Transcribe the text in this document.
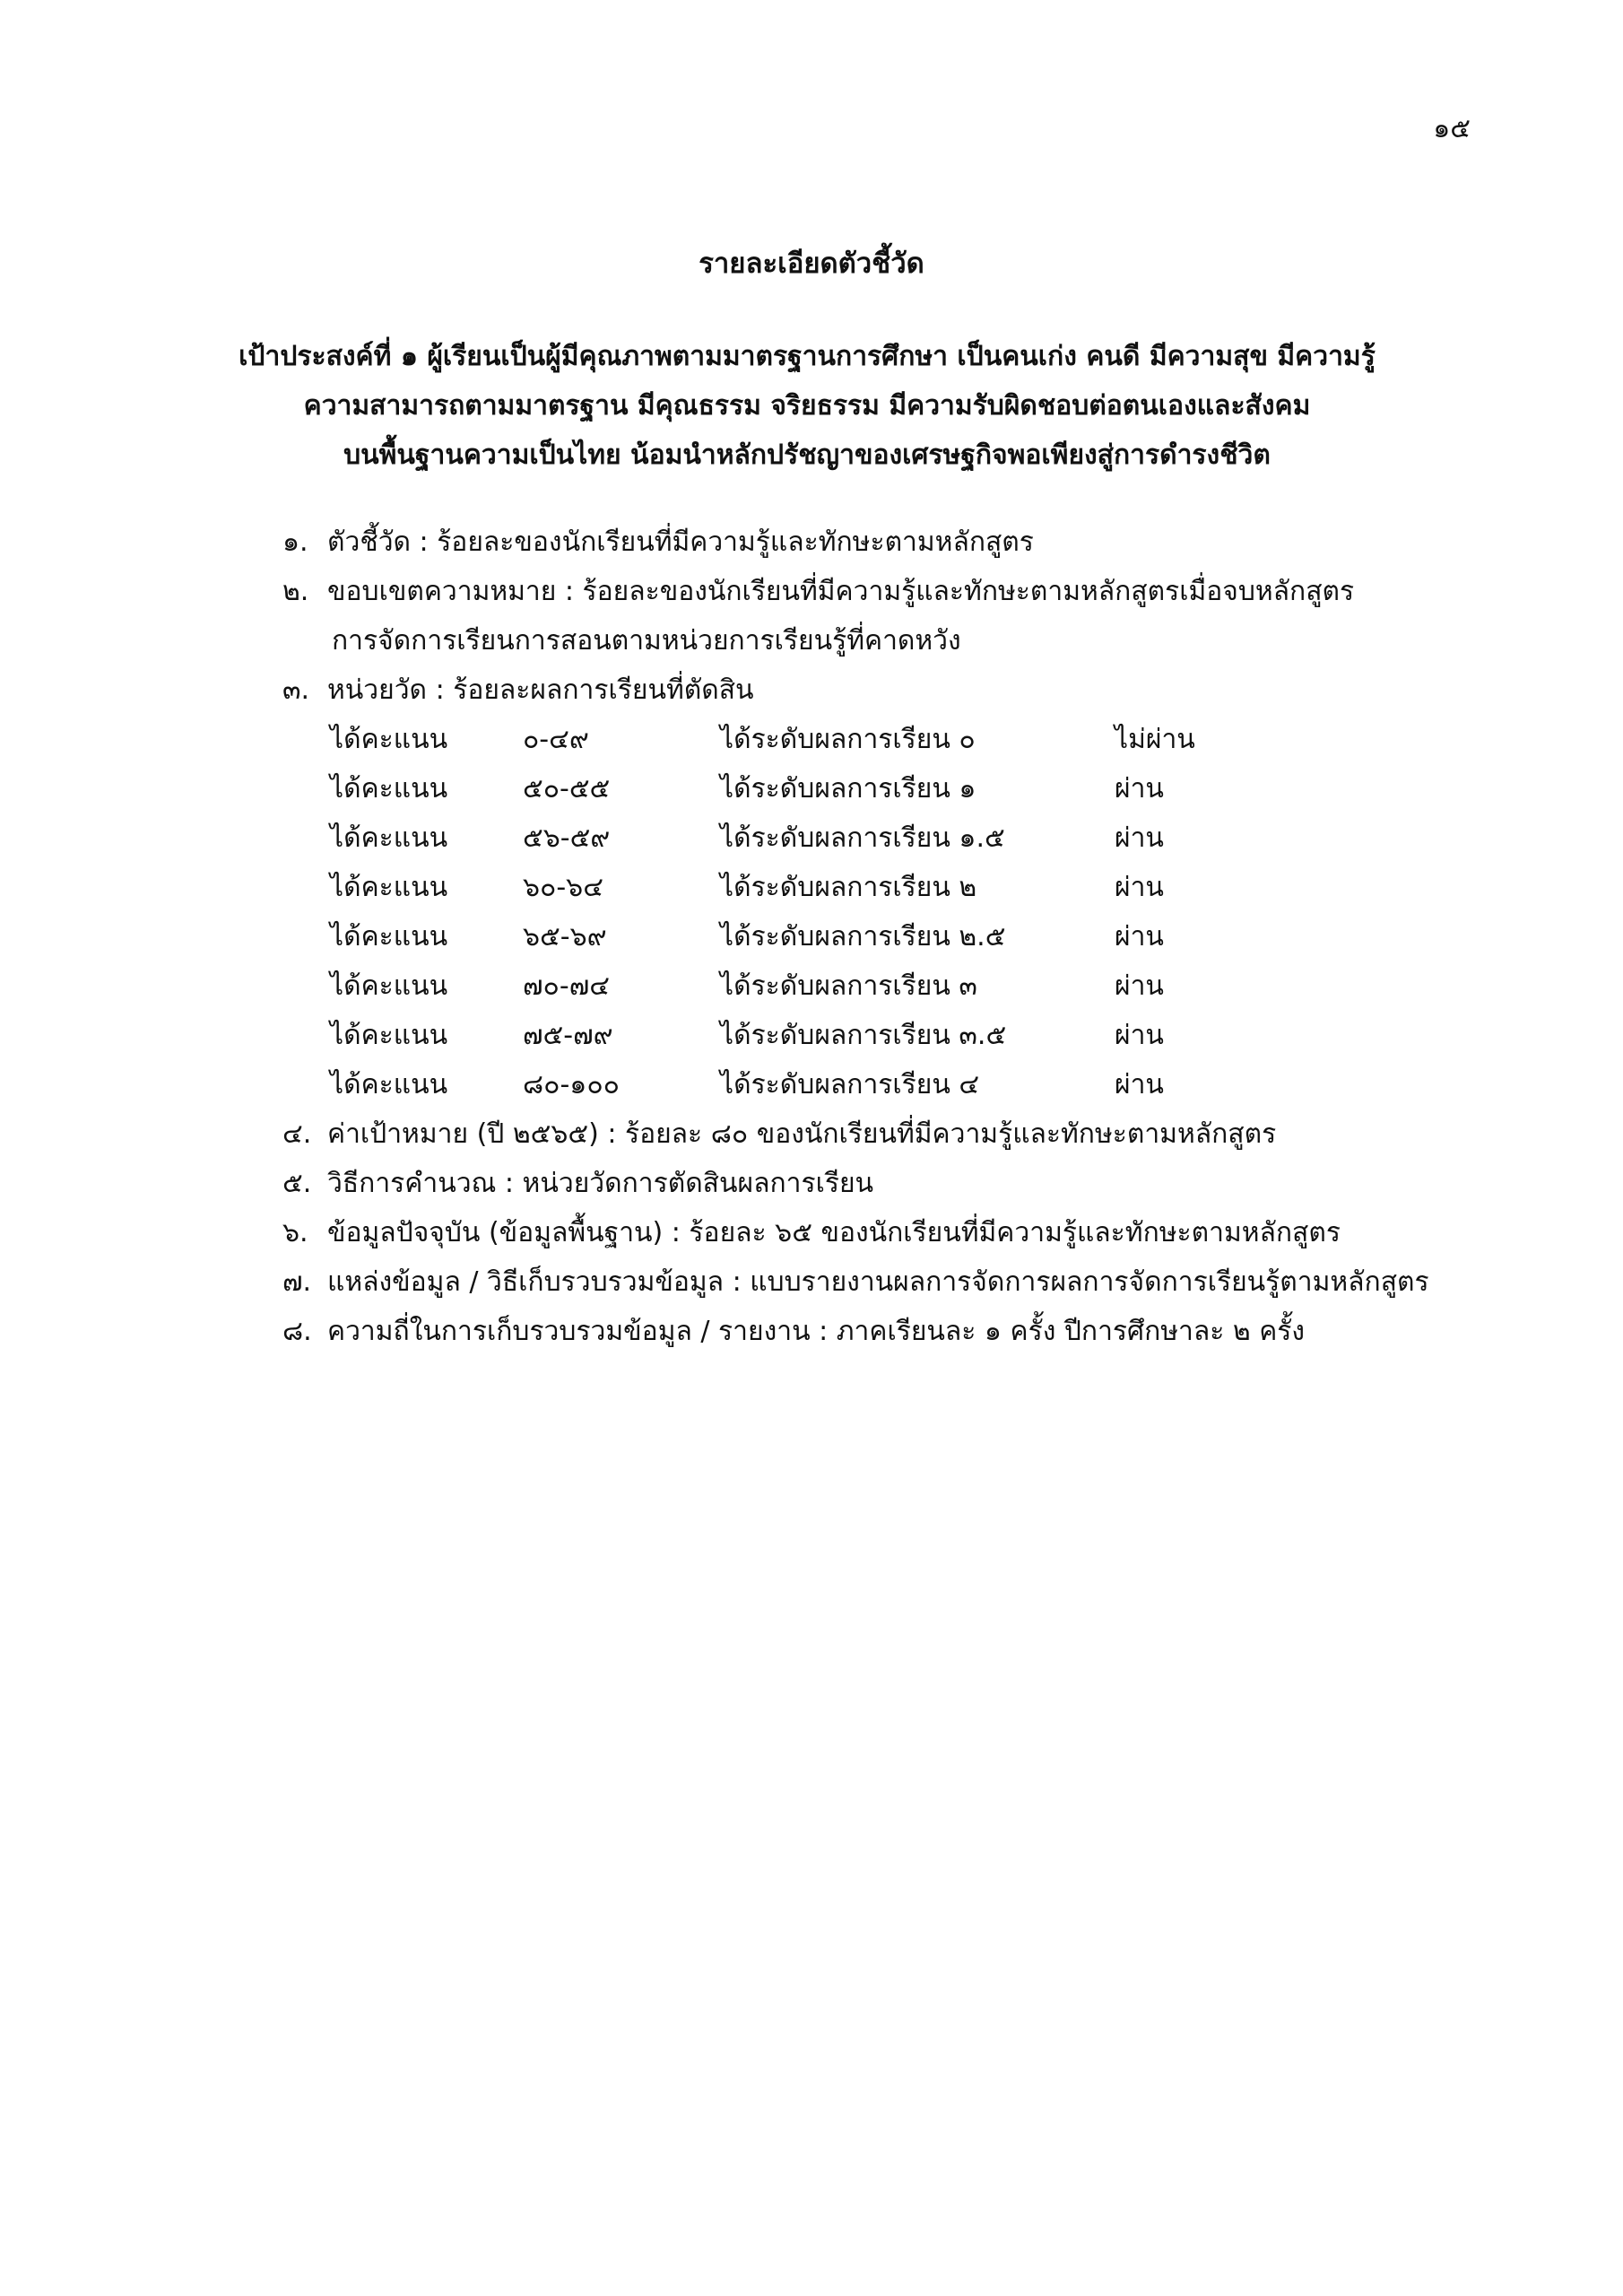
๑๕
รายละเอียดตัวชี้วัด
เป้าประสงค์ที่ ๑ ผู้เรียนเป็นผู้มีคุณภาพตามมาตรฐานการศึกษา เป็นคนเก่ง คนดี มีความสุข มีความรู้
ความสามารถตามมาตรฐาน มีคุณธรรม จริยธรรม มีความรับผิดชอบต่อตนเองและสังคม
บนพื้นฐานความเป็นไทย น้อมนำหลักปรัชญาของเศรษฐกิจพอเพียงสู่การดำรงชีวิต
๑. ตัวชี้วัด : ร้อยละของนักเรียนที่มีความรู้และทักษะตามหลักสูตร
๒. ขอบเขตความหมาย : ร้อยละของนักเรียนที่มีความรู้และทักษะตามหลักสูตรเมื่อจบหลักสูตร
การจัดการเรียนการสอนตามหน่วยการเรียนรู้ที่คาดหวัง
๓. หน่วยวัด : ร้อยละผลการเรียนที่ตัดสิน
ได้คะแนน	๐-๔๙	ได้ระดับผลการเรียน ๐	ไม่ผ่าน
ได้คะแนน	๕๐-๕๕	ได้ระดับผลการเรียน ๑	ผ่าน
ได้คะแนน	๕๖-๕๙	ได้ระดับผลการเรียน ๑.๕	ผ่าน
ได้คะแนน	๖๐-๖๔	ได้ระดับผลการเรียน ๒	ผ่าน
ได้คะแนน	๖๕-๖๙	ได้ระดับผลการเรียน ๒.๕	ผ่าน
ได้คะแนน	๗๐-๗๔	ได้ระดับผลการเรียน ๓	ผ่าน
ได้คะแนน	๗๕-๗๙	ได้ระดับผลการเรียน ๓.๕	ผ่าน
ได้คะแนน	๘๐-๑๐๐	ได้ระดับผลการเรียน ๔	ผ่าน
๔. ค่าเป้าหมาย (ปี ๒๕๖๕) : ร้อยละ ๘๐ ของนักเรียนที่มีความรู้และทักษะตามหลักสูตร
๕. วิธีการคำนวณ : หน่วยวัดการตัดสินผลการเรียน
๖. ข้อมูลปัจจุบัน (ข้อมูลพื้นฐาน) : ร้อยละ ๖๕ ของนักเรียนที่มีความรู้และทักษะตามหลักสูตร
๗. แหล่งข้อมูล / วิธีเก็บรวบรวมข้อมูล : แบบรายงานผลการจัดการผลการจัดการเรียนรู้ตามหลักสูตร
๘. ความถี่ในการเก็บรวบรวมข้อมูล / รายงาน : ภาคเรียนละ ๑ ครั้ง ปีการศึกษาละ ๒ ครั้ง
